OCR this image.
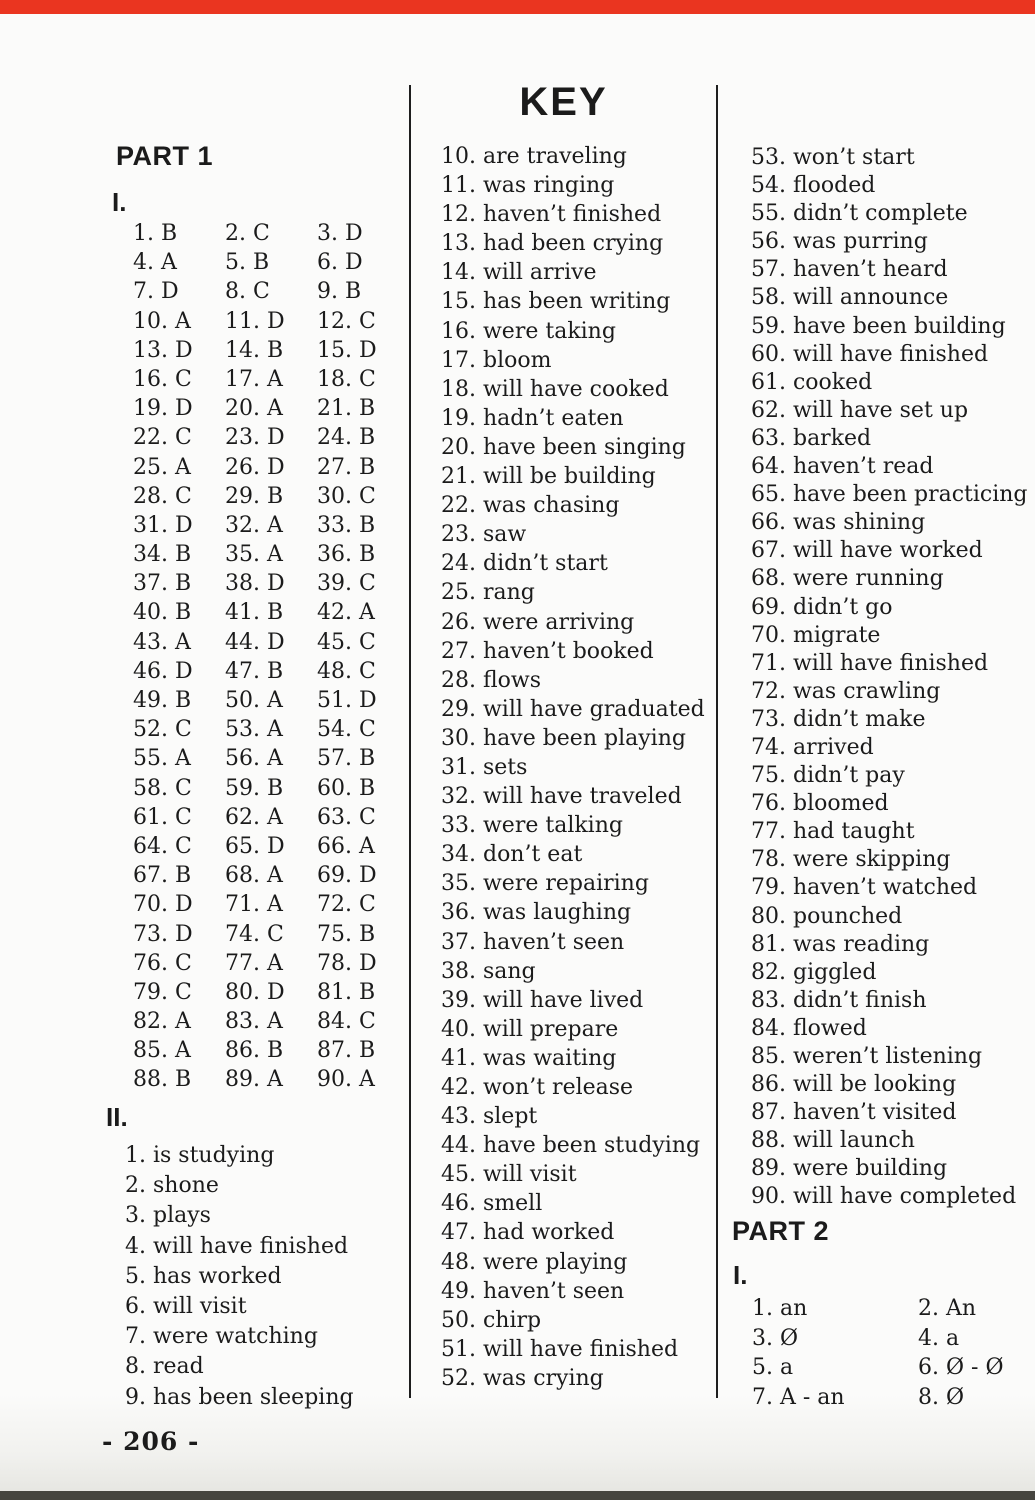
KEY
PART 1
I.
1. B	2. C	3. D
4. A	5. B	6. D
7. D	8. C	9. B
10. A	11. D	12. C
13. D	14. B	15. D
16. C	17. A	18. C
19. D	20. A	21. B
22. C	23. D	24. B
25. A	26. D	27. B
28. C	29. B	30. C
31. D	32. A	33. B
34. B	35. A	36. B
37. B	38. D	39. C
40. B	41. B	42. A
43. A	44. D	45. C
46. D	47. B	48. C
49. B	50. A	51. D
52. C	53. A	54. C
55. A	56. A	57. B
58. C	59. B	60. B
61. C	62. A	63. C
64. C	65. D	66. A
67. B	68. A	69. D
70. D	71. A	72. C
73. D	74. C	75. B
76. C	77. A	78. D
79. C	80. D	81. B
82. A	83. A	84. C
85. A	86. B	87. B
88. B	89. A	90. A
II.
1. is studying
2. shone
3. plays
4. will have finished
5. has worked
6. will visit
7. were watching
8. read
9. has been sleeping
10. are traveling
11. was ringing
12. haven’t finished
13. had been crying
14. will arrive
15. has been writing
16. were taking
17. bloom
18. will have cooked
19. hadn’t eaten
20. have been singing
21. will be building
22. was chasing
23. saw
24. didn’t start
25. rang
26. were arriving
27. haven’t booked
28. flows
29. will have graduated
30. have been playing
31. sets
32. will have traveled
33. were talking
34. don’t eat
35. were repairing
36. was laughing
37. haven’t seen
38. sang
39. will have lived
40. will prepare
41. was waiting
42. won’t release
43. slept
44. have been studying
45. will visit
46. smell
47. had worked
48. were playing
49. haven’t seen
50. chirp
51. will have finished
52. was crying
53. won’t start
54. flooded
55. didn’t complete
56. was purring
57. haven’t heard
58. will announce
59. have been building
60. will have finished
61. cooked
62. will have set up
63. barked
64. haven’t read
65. have been practicing
66. was shining
67. will have worked
68. were running
69. didn’t go
70. migrate
71. will have finished
72. was crawling
73. didn’t make
74. arrived
75. didn’t pay
76. bloomed
77. had taught
78. were skipping
79. haven’t watched
80. pounched
81. was reading
82. giggled
83. didn’t finish
84. flowed
85. weren’t listening
86. will be looking
87. haven’t visited
88. will launch
89. were building
90. will have completed
PART 2
I.
1. an	2. An
3. Ø	4. a
5. a	6. Ø - Ø
7. A - an	8. Ø
- 206 -
